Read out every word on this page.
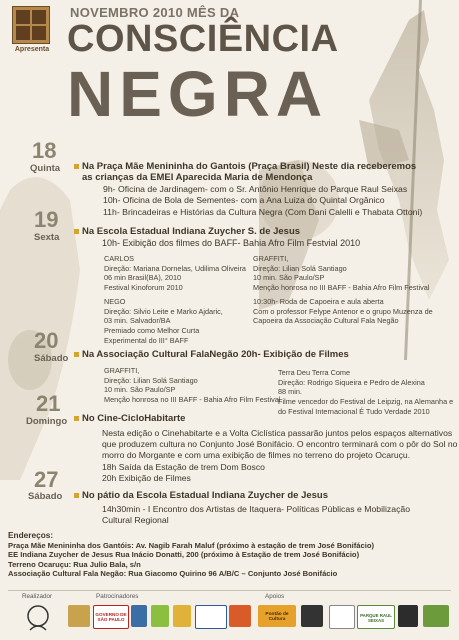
Apresenta
NOVEMBRO 2010 MÊS DA
CONSCIÊNCIA
NEGRA
18
Quinta	Na Praça Mãe Menininha do Gantois (Praça Brasil) Neste dia receberemos
as crianças da EMEI Aparecida Maria de Mendonça
9h- Oficina de Jardinagem- com o Sr. Antônio Henrique do Parque Raul Seixas
10h- Oficina de Bola de Sementes- com a Ana Luiza do Quintal Orgânico
11h- Brincadeiras e Histórias da Cultura Negra (Com Dani Calelli e Thabata Ottoni)
19
Sexta
Na Escola Estadual Indiana Zuycher S. de Jesus
10h- Exibição dos filmes do BAFF- Bahia Afro Film Festvial 2010
CARLOS
Direção: Mariana Dornelas, Udilima Oliveira
06 min Brasil(BA), 2010
Festival Kinoforum 2010
GRAFFITI,
Direção: Lilian Solá Santiago
10 min. São Paulo/SP
Menção honrosa no III BAFF - Bahia Afro Film Festival
NEGO
Direção: Silvio Leite e Marko Ajdaric,
03 min. Salvador/BA
Premiado como Melhor Curta
Experimental do III° BAFF
10:30h- Roda de Capoeira e aula aberta
Com o professor Felype Antenor e o grupo Muzenza de
Capoeira da Associação Cultural Fala Negão
20
Sábado	Na Associação Cultural FalaNegão 20h- Exibição de Filmes
GRAFFITI,
Direção: Lilian Solá Santiago
10 min. São Paulo/SP
Menção honrosa no III BAFF - Bahia Afro Film Festival
Terra Deu Terra Come
Direção: Rodrigo Siqueira e Pedro de Alexina
88 min.
Filme vencedor do Festival de Leipzig, na Alemanha e
do Festival Internacional É Tudo Verdade 2010
21
Domingo	No Cine-CicloHabitarte
Nesta edição o Cinehabitarte e a Volta Ciclística passarão juntos pelos espaços alternativos
que produzem cultura no Conjunto José Bonifácio. O encontro terminará com o pôr do Sol no
morro do Morgante e com uma exibição de filmes no terreno do projeto Ocaruçu.
18h Saída da Estação de trem Dom Bosco
20h Exibição de Filmes
27
Sábado	No pátio da Escola Estadual Indiana Zuycher de Jesus
14h30min - I Encontro dos Artistas de Itaquera- Políticas Públicas e Mobilização
Cultural Regional
Endereços:
Praça Mãe Menininha dos Gantóis: Av. Nagib Farah Maluf (próximo à estação de trem José Bonifácio)
EE Indiana Zuycher de Jesus Rua Inácio Donatti, 200 (próximo à Estação de trem José Bonifácio)
Terreno Ocaruçu: Rua Julio Bala, s/n
Associação Cultural Fala Negão: Rua Giacomo Quirino 96 A/B/C – Conjunto José Bonifácio
Realizador	Patrocinadores	Apoios
GOVERNO DE SÃO PAULO
Pontão de Cultura
PARQUE RAUL SEIXAS
